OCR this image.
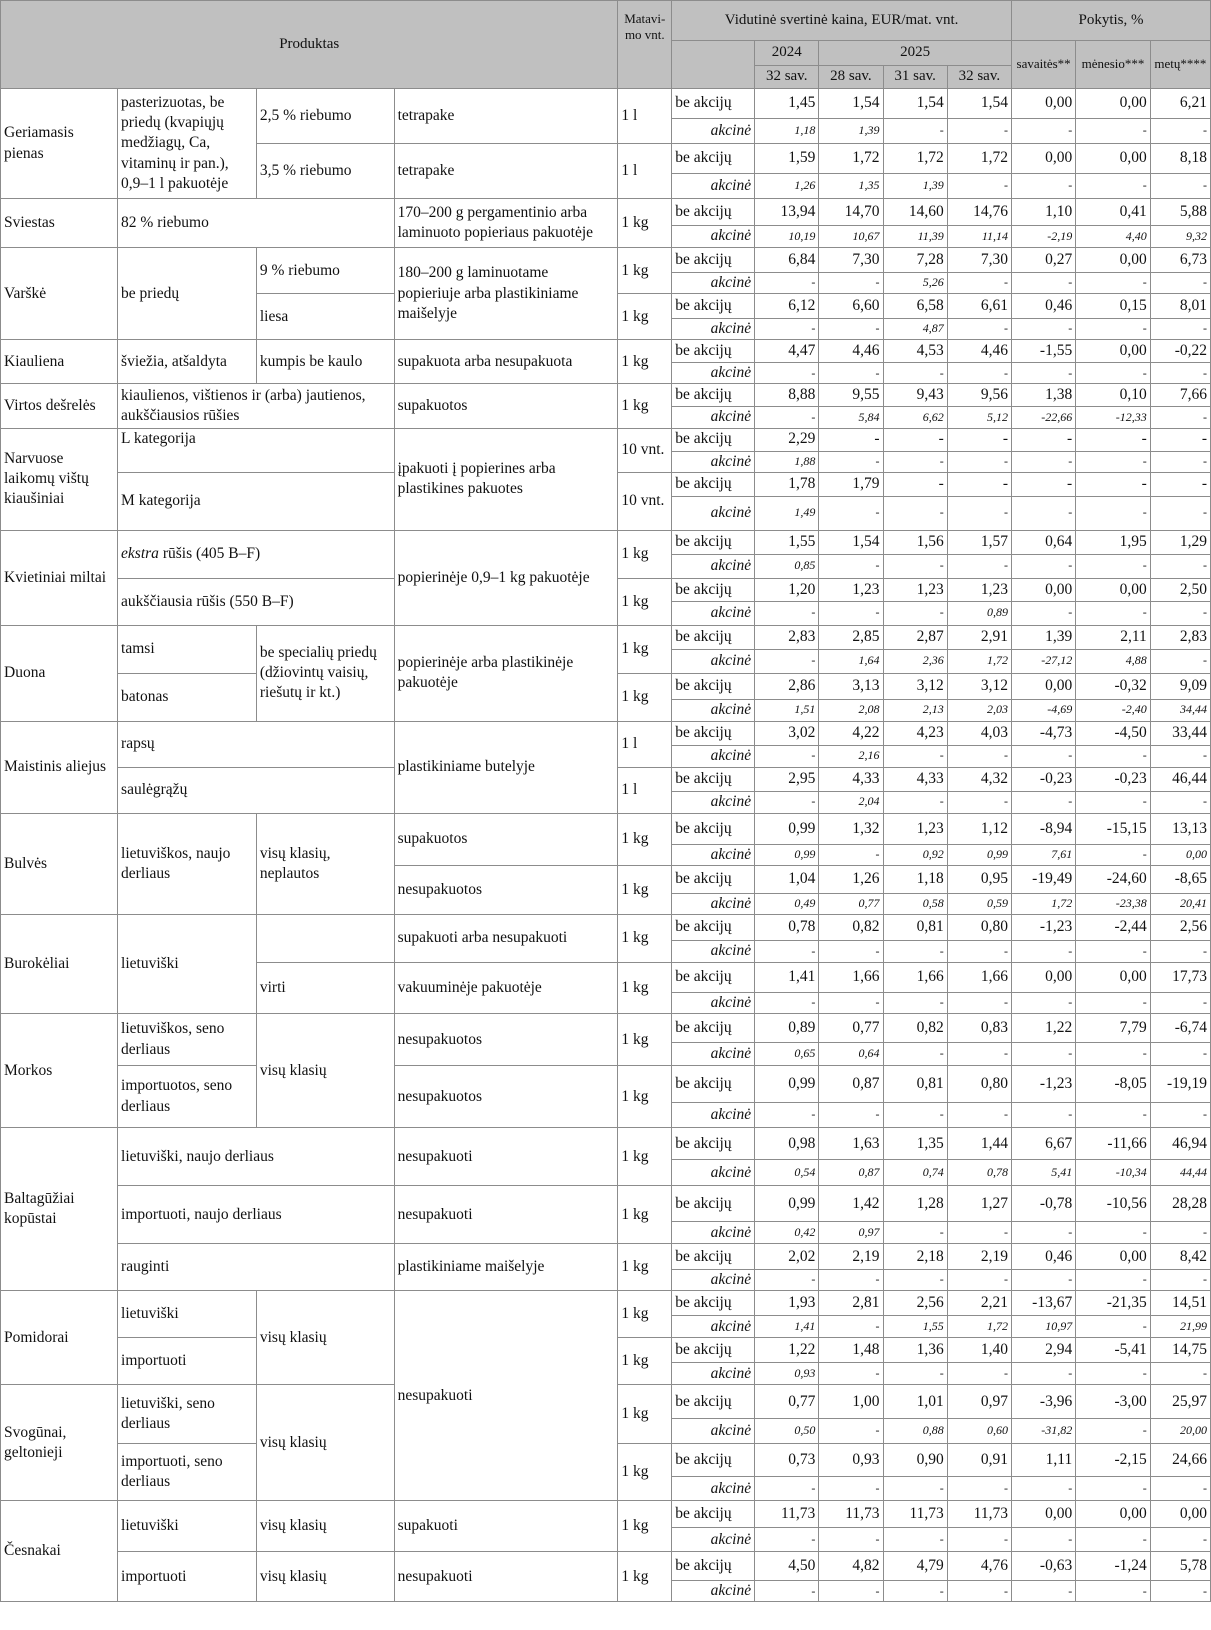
Produktas				Matavi-mo vnt.	Vidutinė svertinė kaina, EUR/mat. vnt.					Pokytis, %		
						2024	2025			savaitės**	mėnesio***	metų****
						32 sav.	28 sav.	31 sav.	32 sav.			
Geriamasis pienas	pasterizuotas, be priedų (kvapiųjų medžiagų, Ca, vitaminų ir pan.), 0,9–1 l pakuotėje	2,5 % riebumo	tetrapake	1 l	be akcijų	1,45	1,54	1,54	1,54	0,00	0,00	6,21
					akcinė	1,18	1,39	-	-	-	-	-
		3,5 % riebumo	tetrapake	1 l	be akcijų	1,59	1,72	1,72	1,72	0,00	0,00	8,18
					akcinė	1,26	1,35	1,39	-	-	-	-
Sviestas	82 % riebumo		170–200 g pergamentinio arba laminuoto popieriaus pakuotėje	1 kg	be akcijų	13,94	14,70	14,60	14,76	1,10	0,41	5,88
					akcinė	10,19	10,67	11,39	11,14	-2,19	4,40	9,32
Varškė	be priedų	9 % riebumo	180–200 g laminuotame popieriuje arba plastikiniame maišelyje	1 kg	be akcijų	6,84	7,30	7,28	7,30	0,27	0,00	6,73
					akcinė	-	-	5,26	-	-	-	-
		liesa		1 kg	be akcijų	6,12	6,60	6,58	6,61	0,46	0,15	8,01
					akcinė	-	-	4,87	-	-	-	-
Kiauliena	šviežia, atšaldyta	kumpis be kaulo	supakuota arba nesupakuota	1 kg	be akcijų	4,47	4,46	4,53	4,46	-1,55	0,00	-0,22
					akcinė	-	-	-	-	-	-	-
Virtos dešrelės	kiaulienos, vištienos ir (arba) jautienos, aukščiausios rūšies		supakuotos	1 kg	be akcijų	8,88	9,55	9,43	9,56	1,38	0,10	7,66
					akcinė	-	5,84	6,62	5,12	-22,66	-12,33	-
Narvuose laikomų vištų kiaušiniai	L kategorija		įpakuoti į popierines arba plastikines pakuotes	10 vnt.	be akcijų	2,29	-	-	-	-	-	-
					akcinė	1,88	-	-	-	-	-	-
	M kategorija			10 vnt.	be akcijų	1,78	1,79	-	-	-	-	-
					akcinė	1,49	-	-	-	-	-	-
Kvietiniai miltai	ekstra rūšis (405 B–F)		popierinėje 0,9–1 kg pakuotėje	1 kg	be akcijų	1,55	1,54	1,56	1,57	0,64	1,95	1,29
					akcinė	0,85	-	-	-	-	-	-
	aukščiausia rūšis (550 B–F)			1 kg	be akcijų	1,20	1,23	1,23	1,23	0,00	0,00	2,50
					akcinė	-	-	-	0,89	-	-	-
Duona	tamsi	be specialių priedų (džiovintų vaisių, riešutų ir kt.)	popierinėje arba plastikinėje pakuotėje	1 kg	be akcijų	2,83	2,85	2,87	2,91	1,39	2,11	2,83
					akcinė	-	1,64	2,36	1,72	-27,12	4,88	-
	batonas			1 kg	be akcijų	2,86	3,13	3,12	3,12	0,00	-0,32	9,09
					akcinė	1,51	2,08	2,13	2,03	-4,69	-2,40	34,44
Maistinis aliejus	rapsų		plastikiniame butelyje	1 l	be akcijų	3,02	4,22	4,23	4,03	-4,73	-4,50	33,44
					akcinė	-	2,16	-	-	-	-	-
	saulėgrąžų			1 l	be akcijų	2,95	4,33	4,33	4,32	-0,23	-0,23	46,44
					akcinė	-	2,04	-	-	-	-	-
Bulvės	lietuviškos, naujo derliaus	visų klasių, neplautos	supakuotos	1 kg	be akcijų	0,99	1,32	1,23	1,12	-8,94	-15,15	13,13
					akcinė	0,99	-	0,92	0,99	7,61	-	0,00
			nesupakuotos	1 kg	be akcijų	1,04	1,26	1,18	0,95	-19,49	-24,60	-8,65
					akcinė	0,49	0,77	0,58	0,59	1,72	-23,38	20,41
Burokėliai	lietuviški		supakuoti arba nesupakuoti	1 kg	be akcijų	0,78	0,82	0,81	0,80	-1,23	-2,44	2,56
					akcinė	-	-	-	-	-	-	-
		virti	vakuuminėje pakuotėje	1 kg	be akcijų	1,41	1,66	1,66	1,66	0,00	0,00	17,73
					akcinė	-	-	-	-	-	-	-
Morkos	lietuviškos, seno derliaus	visų klasių	nesupakuotos	1 kg	be akcijų	0,89	0,77	0,82	0,83	1,22	7,79	-6,74
					akcinė	0,65	0,64	-	-	-	-	-
	importuotos, seno derliaus		nesupakuotos	1 kg	be akcijų	0,99	0,87	0,81	0,80	-1,23	-8,05	-19,19
					akcinė	-	-	-	-	-	-	-
Baltagūžiai kopūstai	lietuviški, naujo derliaus		nesupakuoti	1 kg	be akcijų	0,98	1,63	1,35	1,44	6,67	-11,66	46,94
					akcinė	0,54	0,87	0,74	0,78	5,41	-10,34	44,44
	importuoti, naujo derliaus		nesupakuoti	1 kg	be akcijų	0,99	1,42	1,28	1,27	-0,78	-10,56	28,28
					akcinė	0,42	0,97	-	-	-	-	-
	rauginti		plastikiniame maišelyje	1 kg	be akcijų	2,02	2,19	2,18	2,19	0,46	0,00	8,42
					akcinė	-	-	-	-	-	-	-
Pomidorai	lietuviški	visų klasių	nesupakuoti	1 kg	be akcijų	1,93	2,81	2,56	2,21	-13,67	-21,35	14,51
					akcinė	1,41	-	1,55	1,72	10,97	-	21,99
	importuoti			1 kg	be akcijų	1,22	1,48	1,36	1,40	2,94	-5,41	14,75
					akcinė	0,93	-	-	-	-	-	-
Svogūnai, geltonieji	lietuviški, seno derliaus	visų klasių		1 kg	be akcijų	0,77	1,00	1,01	0,97	-3,96	-3,00	25,97
					akcinė	0,50	-	0,88	0,60	-31,82	-	20,00
	importuoti, seno derliaus			1 kg	be akcijų	0,73	0,93	0,90	0,91	1,11	-2,15	24,66
					akcinė	-	-	-	-	-	-	-
Česnakai	lietuviški	visų klasių	supakuoti	1 kg	be akcijų	11,73	11,73	11,73	11,73	0,00	0,00	0,00
					akcinė	-	-	-	-	-	-	-
	importuoti	visų klasių	nesupakuoti	1 kg	be akcijų	4,50	4,82	4,79	4,76	-0,63	-1,24	5,78
					akcinė	-	-	-	-	-	-	-
